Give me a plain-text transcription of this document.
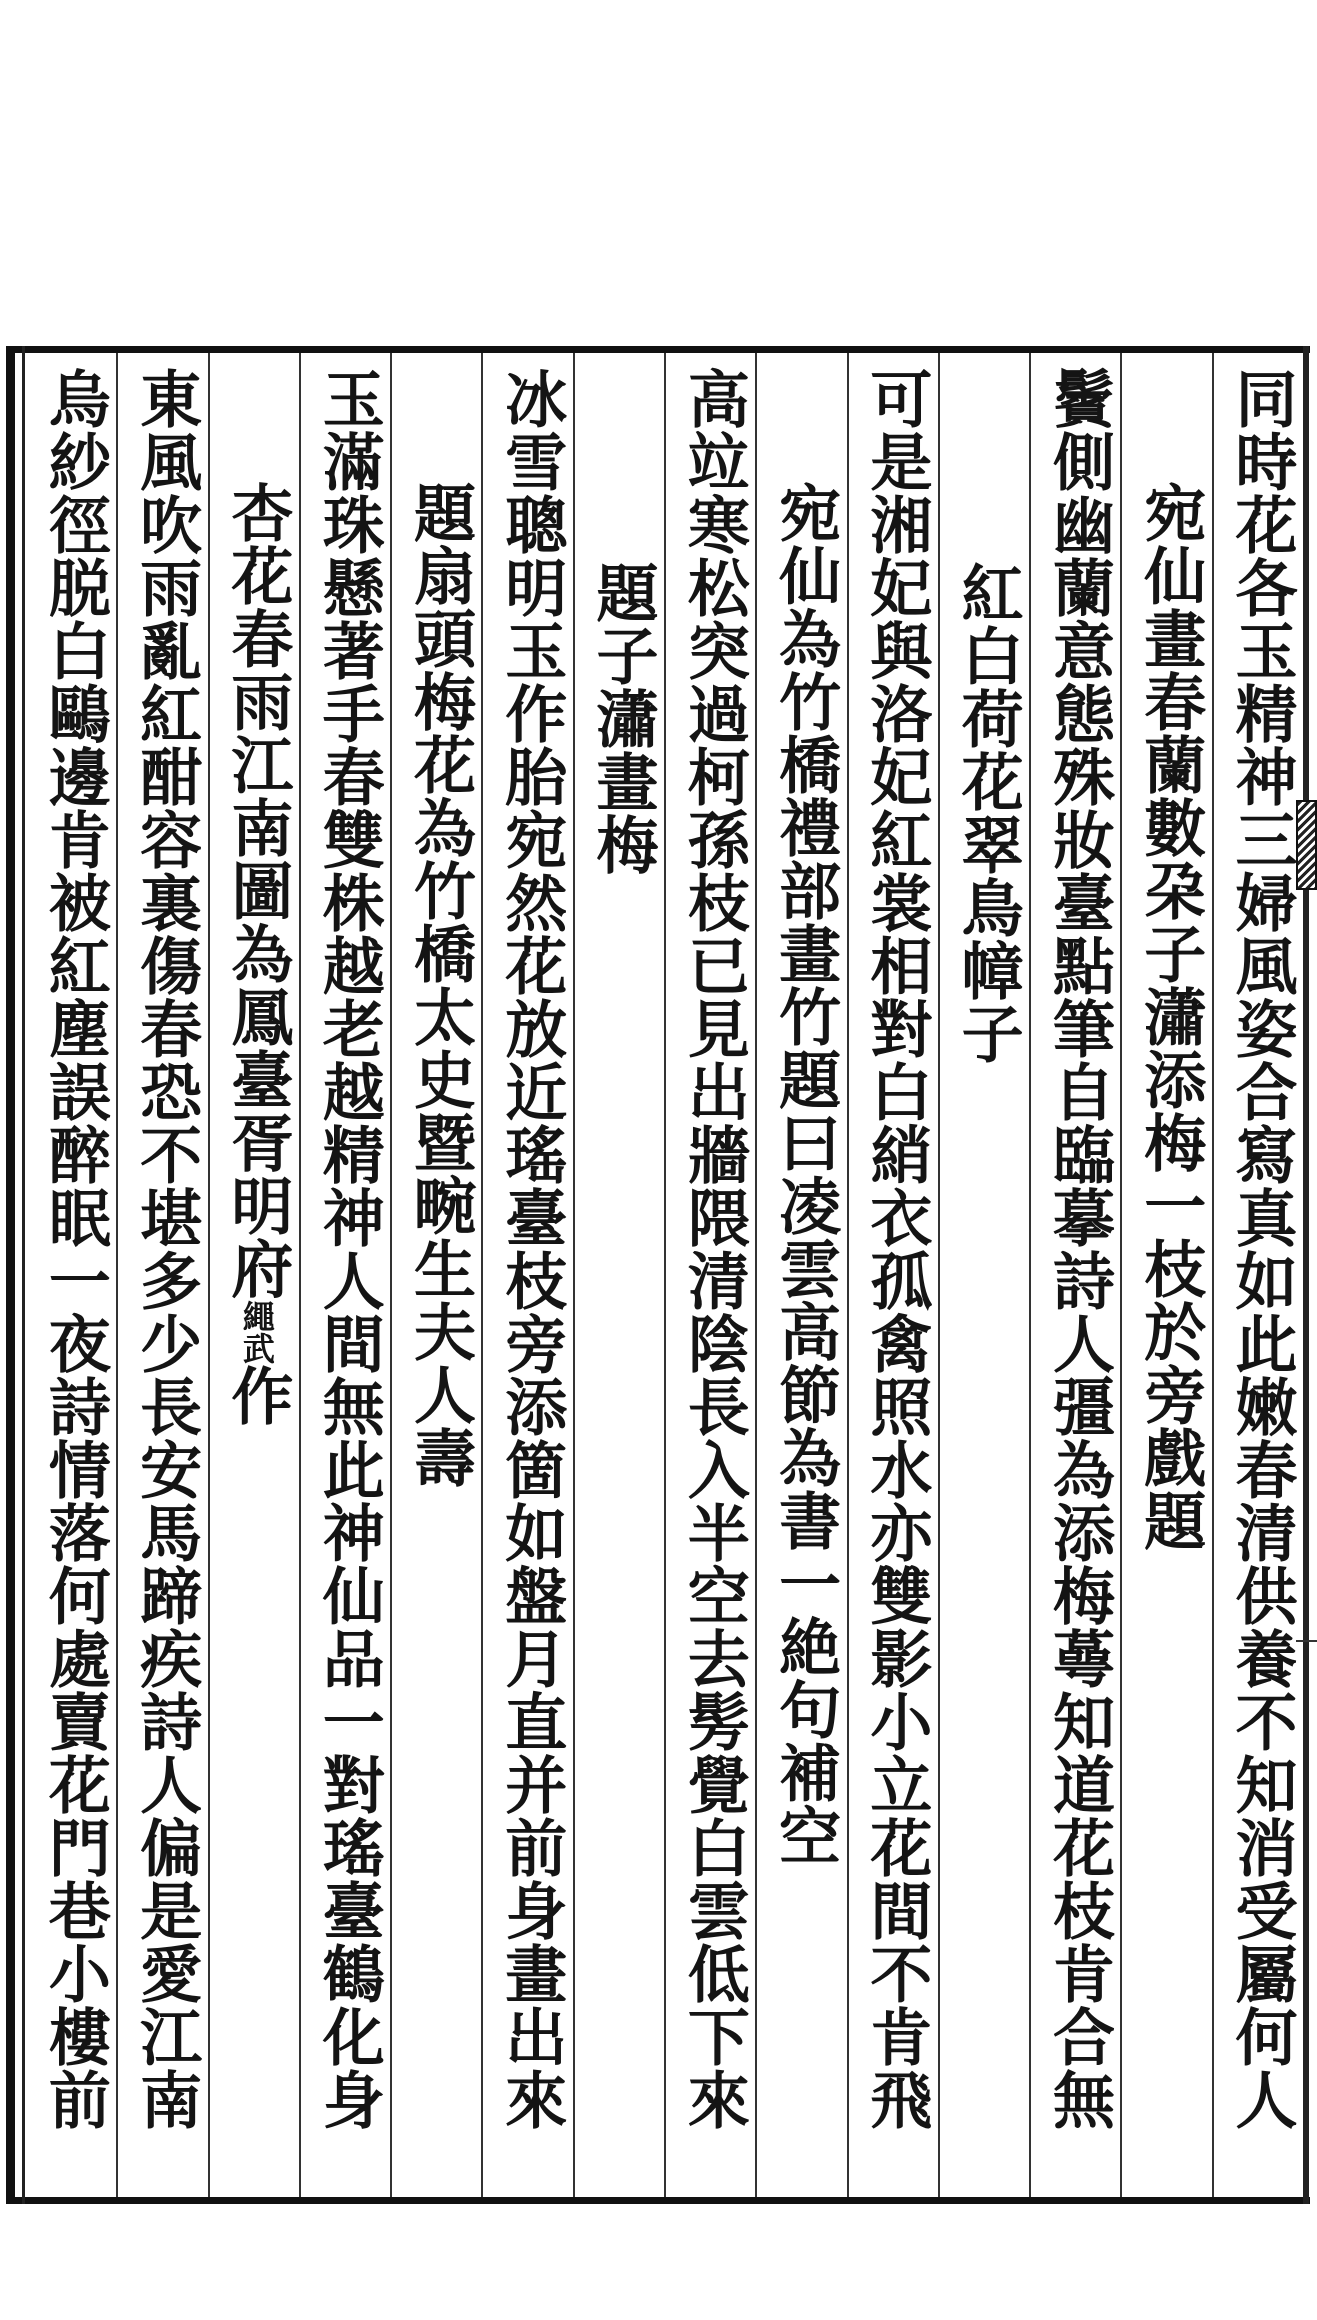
同時花各玉精神三婦風姿合寫真如此嫩春清供養不知消受屬何人
宛仙畫春蘭數朶子瀟添梅一枝於旁戲題
鬢側幽蘭意態殊妝臺點筆自臨摹詩人彊為添梅蕚知道花枝肯合無
紅白荷花翠鳥幛子
可是湘妃與洛妃紅裳相對白綃衣孤禽照水亦雙影小立花間不肯飛
宛仙為竹橋禮部畫竹題曰凌雲高節為書一絶句補空
高竝寒松突過柯孫枝已見出牆隈清陰長入半空去髣覺白雲低下來
題子瀟畫梅
冰雪聰明玉作胎宛然花放近瑤臺枝旁添箇如盤月直并前身畫出來
題扇頭梅花為竹橋太史暨畹生夫人壽
玉滿珠懸著手春雙株越老越精神人間無此神仙品一對瑤臺鶴化身
杏花春雨江南圖為鳳臺胥明府繩武作
東風吹雨亂紅酣容裏傷春恐不堪多少長安馬蹄疾詩人偏是愛江南
烏紗徑脱白鷗邊肯被紅塵誤醉眠一夜詩情落何處賣花門巷小樓前
